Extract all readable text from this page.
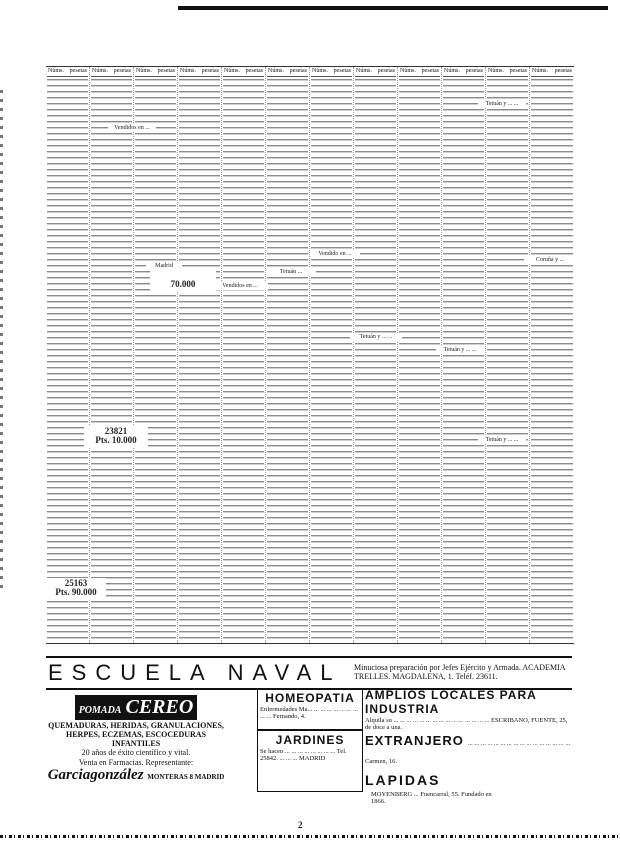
Núms. pesetas Núms. pesetas Núms. pesetas Núms. pesetas Núms. pesetas Núms. pesetas Núms. pesetas Núms. pesetas Núms. pesetas Núms. pesetas Núms. pesetas Núms. pesetas
Vendidos en ...
Madrid
Vendidos en ...
Tetuán ...
Vendido en ...
Tetuán y ... ...
Tetuán y ... ...
Tetuán y ... ...
Tetuán y ... ...
Coruña y ...

70.000
23821
Pts. 10.000
25163
Pts. 90.000
ESCUELA NAVAL Minuciosa preparación por Jefes Ejército y Armada. ACADEMIA TRELLES. MAGDALENA, 1. Teléf. 23611.
POMADA CEREO
QUEMADURAS, HERIDAS, GRANULACIONES, HERPES, ECZEMAS, ESCOCEDURAS INFANTILES
20 años de éxito científico y vital.
Venta en Farmacias. Representante:
Garciagonzález MONTERAS 8 MADRID
HOMEOPATIA

Enfermedades Ma... ... ... ... ... ... ... ... ... ... Fernando, 4.

JARDINES

Se hacen ... ... ... ... ... ... ... ... Tel. 25842. ... ... ... MADRID

AMPLIOS LOCALES PARA INDUSTRIA

Alquila su ... ... ... ... ... ... ... ... ... ... ... ... ... ... ... ESCRIBANO, FUENTE, 25, de doce a una.

EXTRANJERO ... ... ... ... ... ... ... ... ... ... ... ... ... ... ... ... Carmen, 16.

LAPIDAS

MOYENBERG ... Fuencarral, 55. Fundado en 1866.

2
